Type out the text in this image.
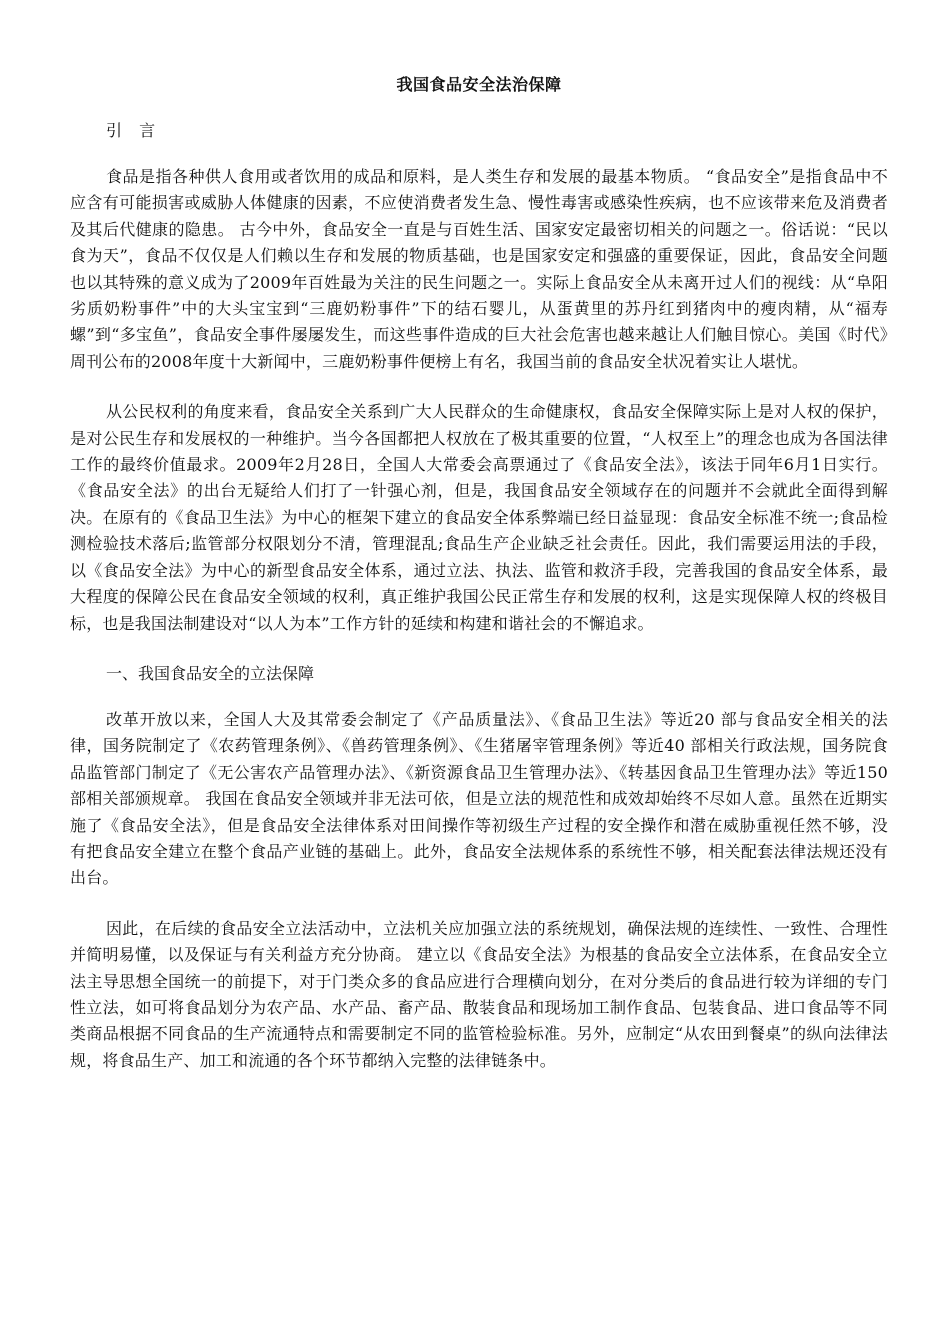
我国食品安全法治保障
引 言

食品是指各种供人食用或者饮用的成品和原料，是人类生存和发展的最基本物质。 “食品安全”是指食品中不应含有可能损害或威胁人体健康的因素，不应使消费者发生急、慢性毒害或感染性疾病，也不应该带来危及消费者及其后代健康的隐患。 古今中外，食品安全一直是与百姓生活、国家安定最密切相关的问题之一。俗话说：“民以食为天”，食品不仅仅是人们赖以生存和发展的物质基础，也是国家安定和强盛的重要保证，因此，食品安全问题也以其特殊的意义成为了2009年百姓最为关注的民生问题之一。实际上食品安全从未离开过人们的视线：从“阜阳劣质奶粉事件”中的大头宝宝到“三鹿奶粉事件”下的结石婴儿，从蛋黄里的苏丹红到猪肉中的瘦肉精，从“福寿螺”到“多宝鱼”，食品安全事件屡屡发生，而这些事件造成的巨大社会危害也越来越让人们触目惊心。美国《时代》周刊公布的2008年度十大新闻中，三鹿奶粉事件便榜上有名，我国当前的食品安全状况着实让人堪忧。

从公民权利的角度来看，食品安全关系到广大人民群众的生命健康权，食品安全保障实际上是对人权的保护，是对公民生存和发展权的一种维护。当今各国都把人权放在了极其重要的位置，“人权至上”的理念也成为各国法律工作的最终价值最求。2009年2月28日，全国人大常委会高票通过了《食品安全法》，该法于同年6月1日实行。《食品安全法》的出台无疑给人们打了一针强心剂，但是，我国食品安全领域存在的问题并不会就此全面得到解决。在原有的《食品卫生法》为中心的框架下建立的食品安全体系弊端已经日益显现：食品安全标准不统一;食品检测检验技术落后;监管部分权限划分不清，管理混乱;食品生产企业缺乏社会责任。因此，我们需要运用法的手段，以《食品安全法》为中心的新型食品安全体系，通过立法、执法、监管和救济手段，完善我国的食品安全体系，最大程度的保障公民在食品安全领域的权利，真正维护我国公民正常生存和发展的权利，这是实现保障人权的终极目标，也是我国法制建设对“以人为本”工作方针的延续和构建和谐社会的不懈追求。

一、我国食品安全的立法保障

改革开放以来，全国人大及其常委会制定了《产品质量法》、《食品卫生法》等近20 部与食品安全相关的法律，国务院制定了《农药管理条例》、《兽药管理条例》、《生猪屠宰管理条例》等近40 部相关行政法规，国务院食品监管部门制定了《无公害农产品管理办法》、《新资源食品卫生管理办法》、《转基因食品卫生管理办法》等近150部相关部颁规章。 我国在食品安全领域并非无法可依，但是立法的规范性和成效却始终不尽如人意。虽然在近期实施了《食品安全法》，但是食品安全法律体系对田间操作等初级生产过程的安全操作和潜在威胁重视任然不够，没有把食品安全建立在整个食品产业链的基础上。此外，食品安全法规体系的系统性不够，相关配套法律法规还没有出台。

因此，在后续的食品安全立法活动中，立法机关应加强立法的系统规划，确保法规的连续性、一致性、合理性并简明易懂，以及保证与有关利益方充分协商。 建立以《食品安全法》为根基的食品安全立法体系，在食品安全立法主导思想全国统一的前提下，对于门类众多的食品应进行合理横向划分，在对分类后的食品进行较为详细的专门性立法，如可将食品划分为农产品、水产品、畜产品、散装食品和现场加工制作食品、包装食品、进口食品等不同类商品根据不同食品的生产流通特点和需要制定不同的监管检验标准。另外，应制定“从农田到餐桌”的纵向法律法规，将食品生产、加工和流通的各个环节都纳入完整的法律链条中。
